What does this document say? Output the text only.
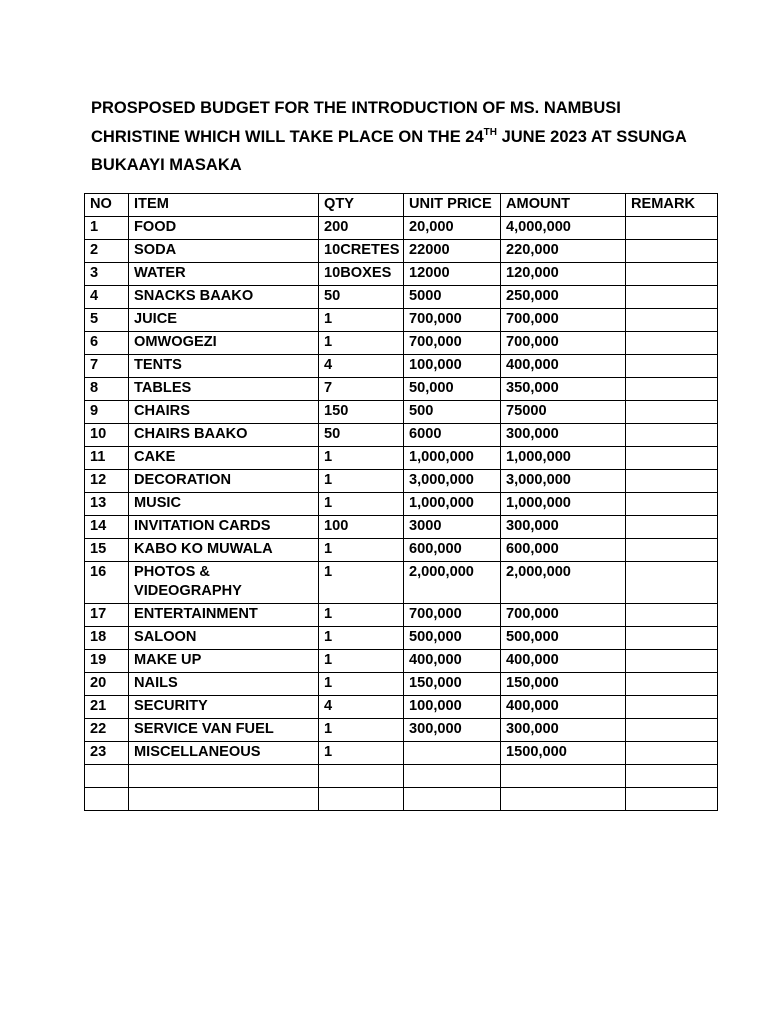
PROSPOSED BUDGET FOR THE INTRODUCTION OF MS. NAMBUSI CHRISTINE WHICH WILL TAKE PLACE ON THE 24TH JUNE 2023 AT SSUNGA BUKAAYI MASAKA

NO	ITEM	QTY	UNIT PRICE	AMOUNT	REMARK
1	FOOD	200	20,000	4,000,000	
2	SODA	10CRETES	22000	220,000	
3	WATER	10BOXES	12000	120,000	
4	SNACKS BAAKO	50	5000	250,000	
5	JUICE	1	700,000	700,000	
6	OMWOGEZI	1	700,000	700,000	
7	TENTS	4	100,000	400,000	
8	TABLES	7	50,000	350,000	
9	CHAIRS	150	500	75000	
10	CHAIRS BAAKO	50	6000	300,000	
11	CAKE	1	1,000,000	1,000,000	
12	DECORATION	1	3,000,000	3,000,000	
13	MUSIC	1	1,000,000	1,000,000	
14	INVITATION CARDS	100	3000	300,000	
15	KABO KO MUWALA	1	600,000	600,000	
16	PHOTOS & VIDEOGRAPHY	1	2,000,000	2,000,000	
17	ENTERTAINMENT	1	700,000	700,000	
18	SALOON	1	500,000	500,000	
19	MAKE UP	1	400,000	400,000	
20	NAILS	1	150,000	150,000	
21	SECURITY	4	100,000	400,000	
22	SERVICE VAN FUEL	1	300,000	300,000	
23	MISCELLANEOUS	1		1500,000	
